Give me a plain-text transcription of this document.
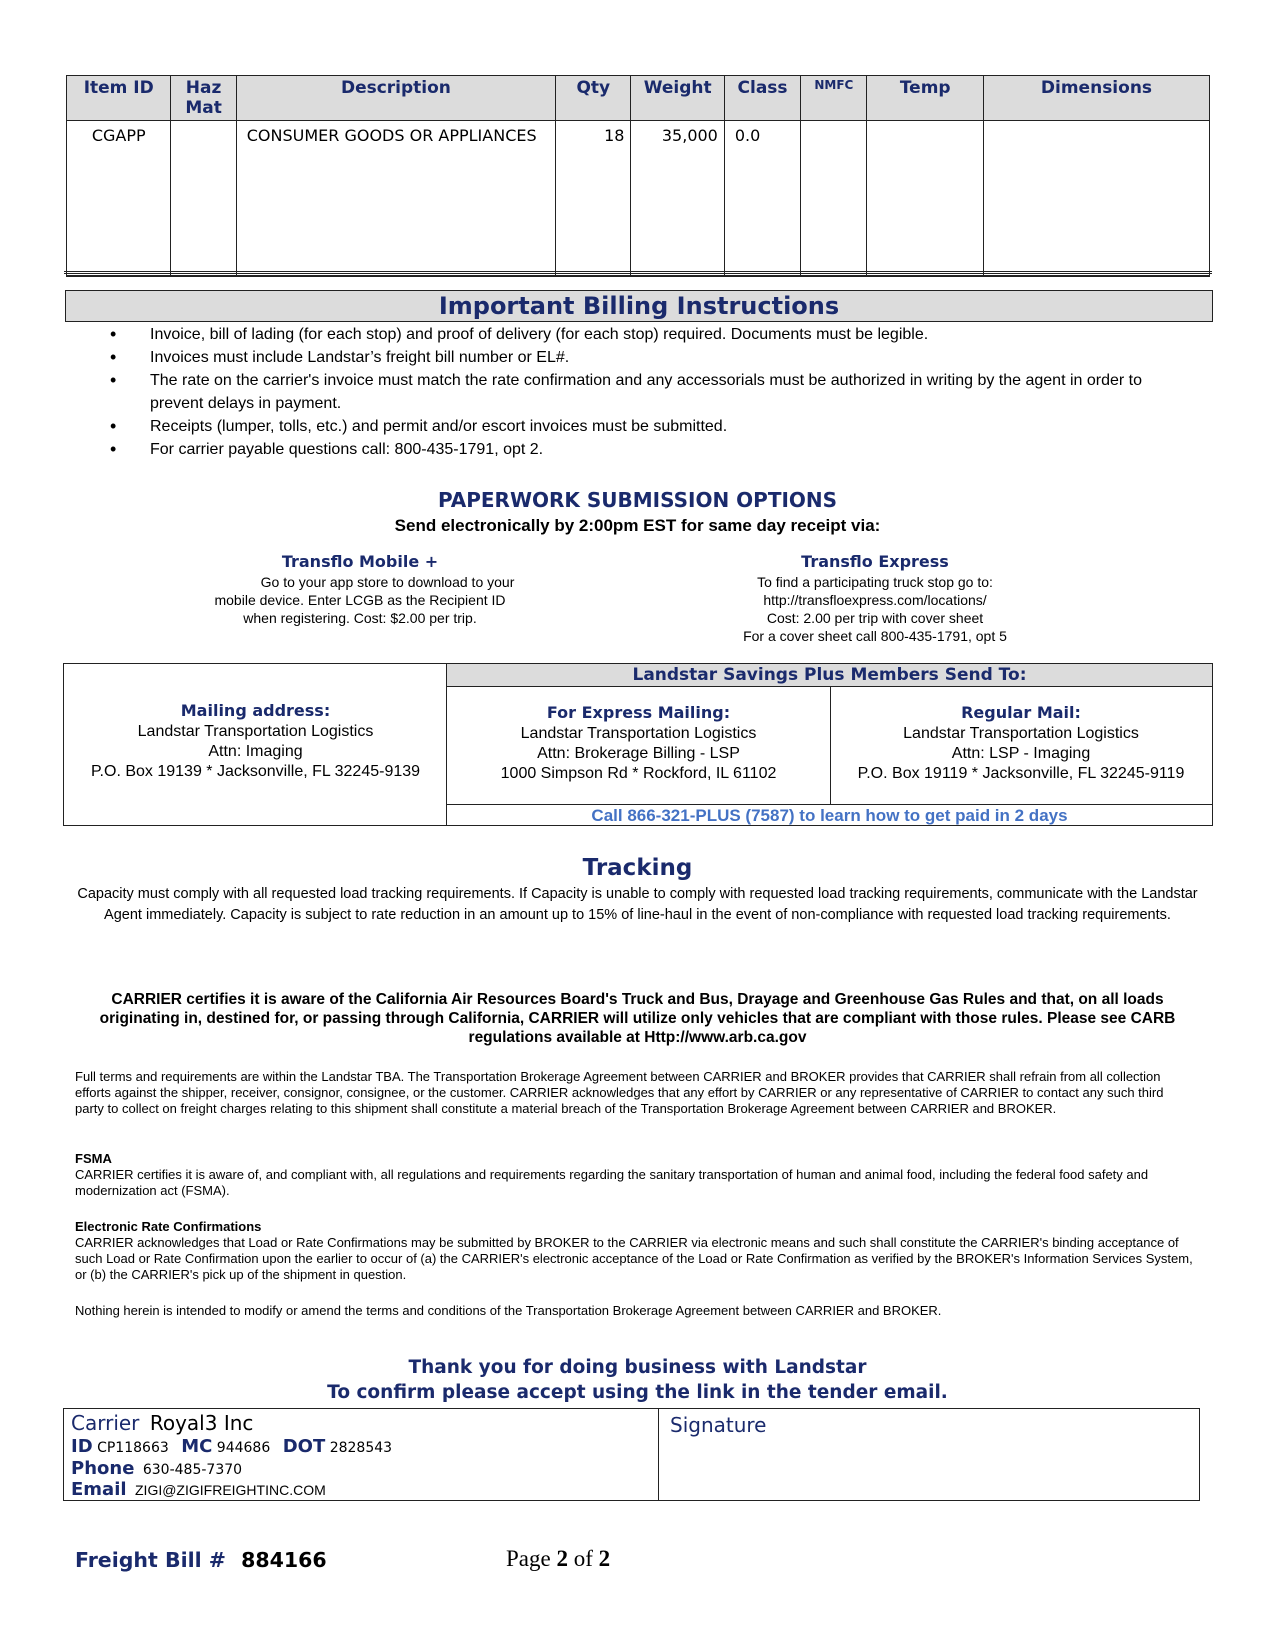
Item ID	Haz Mat	Description	Qty	Weight	Class	NMFC	Temp	Dimensions
CGAPP		CONSUMER GOODS OR APPLIANCES	18	35,000	0.0			
Important Billing Instructions
• Invoice, bill of lading (for each stop) and proof of delivery (for each stop) required. Documents must be legible.
• Invoices must include Landstar’s freight bill number or EL#.
• The rate on the carrier's invoice must match the rate confirmation and any accessorials must be authorized in writing by the agent in order to prevent delays in payment.
• Receipts (lumper, tolls, etc.) and permit and/or escort invoices must be submitted.
• For carrier payable questions call: 800-435-1791, opt 2.
PAPERWORK SUBMISSION OPTIONS
Send electronically by 2:00pm EST for same day receipt via:
Transflo Mobile +
Go to your app store to download to your
mobile device. Enter LCGB as the Recipient ID
when registering. Cost: $2.00 per trip.
Transflo Express
To find a participating truck stop go to:
http://transfloexpress.com/locations/
Cost: 2.00 per trip with cover sheet
For a cover sheet call 800-435-1791, opt 5
Mailing address:
Landstar Transportation Logistics
Attn: Imaging
P.O. Box 19139 * Jacksonville, FL 32245-9139
Landstar Savings Plus Members Send To:
For Express Mailing:
Landstar Transportation Logistics
Attn: Brokerage Billing - LSP
1000 Simpson Rd * Rockford, IL 61102
Regular Mail:
Landstar Transportation Logistics
Attn: LSP - Imaging
P.O. Box 19119 * Jacksonville, FL 32245-9119
Call 866-321-PLUS (7587) to learn how to get paid in 2 days
Tracking
Capacity must comply with all requested load tracking requirements. If Capacity is unable to comply with requested load tracking requirements, communicate with the Landstar Agent immediately. Capacity is subject to rate reduction in an amount up to 15% of line-haul in the event of non-compliance with requested load tracking requirements.
CARRIER certifies it is aware of the California Air Resources Board's Truck and Bus, Drayage and Greenhouse Gas Rules and that, on all loads originating in, destined for, or passing through California, CARRIER will utilize only vehicles that are compliant with those rules. Please see CARB regulations available at Http://www.arb.ca.gov
Full terms and requirements are within the Landstar TBA. The Transportation Brokerage Agreement between CARRIER and BROKER provides that CARRIER shall refrain from all collection efforts against the shipper, receiver, consignor, consignee, or the customer. CARRIER acknowledges that any effort by CARRIER or any representative of CARRIER to contact any such third party to collect on freight charges relating to this shipment shall constitute a material breach of the Transportation Brokerage Agreement between CARRIER and BROKER.
FSMA
CARRIER certifies it is aware of, and compliant with, all regulations and requirements regarding the sanitary transportation of human and animal food, including the federal food safety and modernization act (FSMA).
Electronic Rate Confirmations
CARRIER acknowledges that Load or Rate Confirmations may be submitted by BROKER to the CARRIER via electronic means and such shall constitute the CARRIER's binding acceptance of such Load or Rate Confirmation upon the earlier to occur of (a) the CARRIER's electronic acceptance of the Load or Rate Confirmation as verified by the BROKER's Information Services System, or (b) the CARRIER's pick up of the shipment in question.
Nothing herein is intended to modify or amend the terms and conditions of the Transportation Brokerage Agreement between CARRIER and BROKER.
Thank you for doing business with Landstar
To confirm please accept using the link in the tender email.
Carrier Royal3 Inc
ID CP118663 MC 944686 DOT 2828543
Phone 630-485-7370
Email ZIGI@ZIGIFREIGHTINC.COM
Signature
Freight Bill # 884166	Page 2 of 2
